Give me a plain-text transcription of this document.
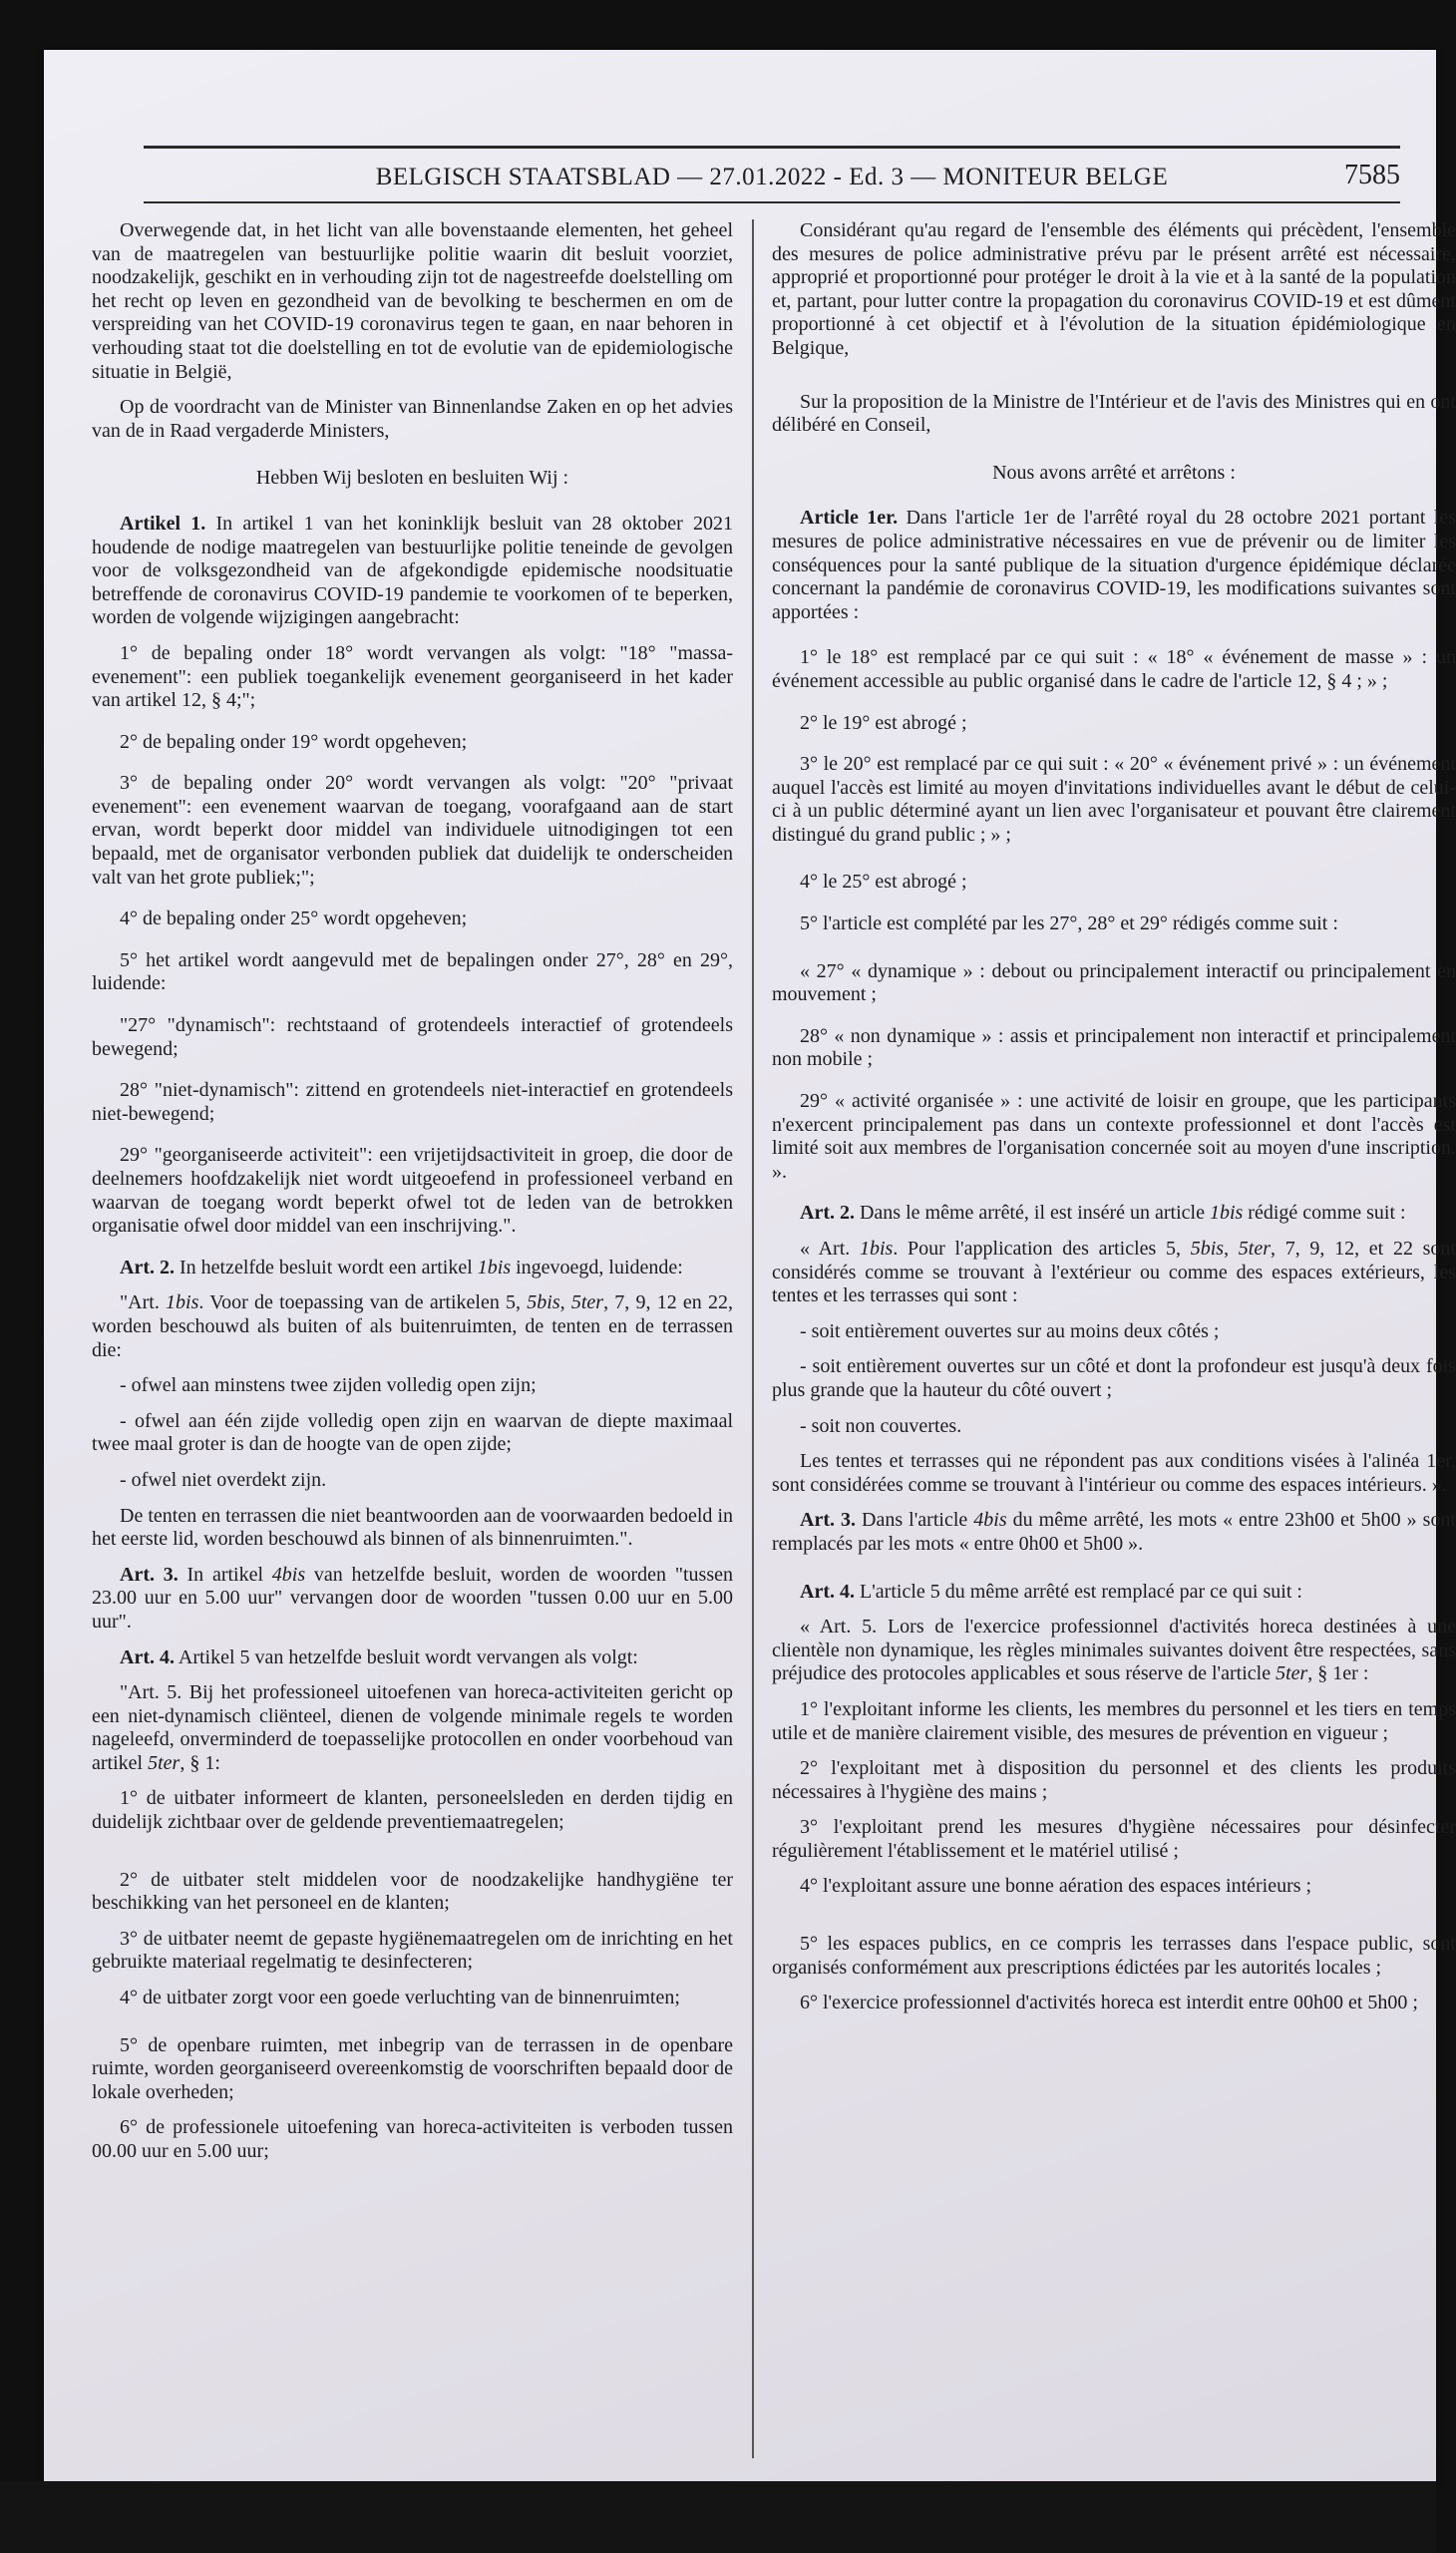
BELGISCH STAATSBLAD — 27.01.2022 - Ed. 3 — MONITEUR BELGE	7585

Overwegende dat, in het licht van alle bovenstaande elementen, het geheel van de maatregelen van bestuurlijke politie waarin dit besluit voorziet, noodzakelijk, geschikt en in verhouding zijn tot de nagestreefde doelstelling om het recht op leven en gezondheid van de bevolking te beschermen en om de verspreiding van het COVID-19 coronavirus tegen te gaan, en naar behoren in verhouding staat tot die doelstelling en tot de evolutie van de epidemiologische situatie in België,

Op de voordracht van de Minister van Binnenlandse Zaken en op het advies van de in Raad vergaderde Ministers,

Hebben Wij besloten en besluiten Wij :

Artikel 1. In artikel 1 van het koninklijk besluit van 28 oktober 2021 houdende de nodige maatregelen van bestuurlijke politie teneinde de gevolgen voor de volksgezondheid van de afgekondigde epidemische noodsituatie betreffende de coronavirus COVID-19 pandemie te voorkomen of te beperken, worden de volgende wijzigingen aangebracht:

1° de bepaling onder 18° wordt vervangen als volgt: "18° "massa-evenement": een publiek toegankelijk evenement georganiseerd in het kader van artikel 12, § 4;";

2° de bepaling onder 19° wordt opgeheven;

3° de bepaling onder 20° wordt vervangen als volgt: "20° "privaat evenement": een evenement waarvan de toegang, voorafgaand aan de start ervan, wordt beperkt door middel van individuele uitnodigingen tot een bepaald, met de organisator verbonden publiek dat duidelijk te onderscheiden valt van het grote publiek;";

4° de bepaling onder 25° wordt opgeheven;

5° het artikel wordt aangevuld met de bepalingen onder 27°, 28° en 29°, luidende:

"27° "dynamisch": rechtstaand of grotendeels interactief of grotendeels bewegend;

28° "niet-dynamisch": zittend en grotendeels niet-interactief en grotendeels niet-bewegend;

29° "georganiseerde activiteit": een vrijetijdsactiviteit in groep, die door de deelnemers hoofdzakelijk niet wordt uitgeoefend in professioneel verband en waarvan de toegang wordt beperkt ofwel tot de leden van de betrokken organisatie ofwel door middel van een inschrijving.".

Art. 2. In hetzelfde besluit wordt een artikel 1bis ingevoegd, luidende:

"Art. 1bis. Voor de toepassing van de artikelen 5, 5bis, 5ter, 7, 9, 12 en 22, worden beschouwd als buiten of als buitenruimten, de tenten en de terrassen die:

- ofwel aan minstens twee zijden volledig open zijn;

- ofwel aan één zijde volledig open zijn en waarvan de diepte maximaal twee maal groter is dan de hoogte van de open zijde;

- ofwel niet overdekt zijn.

De tenten en terrassen die niet beantwoorden aan de voorwaarden bedoeld in het eerste lid, worden beschouwd als binnen of als binnenruimten.".

Art. 3. In artikel 4bis van hetzelfde besluit, worden de woorden "tussen 23.00 uur en 5.00 uur" vervangen door de woorden "tussen 0.00 uur en 5.00 uur".

Art. 4. Artikel 5 van hetzelfde besluit wordt vervangen als volgt:

"Art. 5. Bij het professioneel uitoefenen van horeca-activiteiten gericht op een niet-dynamisch cliënteel, dienen de volgende minimale regels te worden nageleefd, onverminderd de toepasselijke protocollen en onder voorbehoud van artikel 5ter, § 1:

1° de uitbater informeert de klanten, personeelsleden en derden tijdig en duidelijk zichtbaar over de geldende preventiemaatregelen;

2° de uitbater stelt middelen voor de noodzakelijke handhygiëne ter beschikking van het personeel en de klanten;

3° de uitbater neemt de gepaste hygiënemaatregelen om de inrichting en het gebruikte materiaal regelmatig te desinfecteren;

4° de uitbater zorgt voor een goede verluchting van de binnenruimten;

5° de openbare ruimten, met inbegrip van de terrassen in de openbare ruimte, worden georganiseerd overeenkomstig de voorschriften bepaald door de lokale overheden;

6° de professionele uitoefening van horeca-activiteiten is verboden tussen 00.00 uur en 5.00 uur;

Considérant qu'au regard de l'ensemble des éléments qui précèdent, l'ensemble des mesures de police administrative prévu par le présent arrêté est nécessaire, approprié et proportionné pour protéger le droit à la vie et à la santé de la population et, partant, pour lutter contre la propagation du coronavirus COVID-19 et est dûment proportionné à cet objectif et à l'évolution de la situation épidémiologique en Belgique,

Sur la proposition de la Ministre de l'Intérieur et de l'avis des Ministres qui en ont délibéré en Conseil,

Nous avons arrêté et arrêtons :

Article 1er. Dans l'article 1er de l'arrêté royal du 28 octobre 2021 portant les mesures de police administrative nécessaires en vue de prévenir ou de limiter les conséquences pour la santé publique de la situation d'urgence épidémique déclarée concernant la pandémie de coronavirus COVID-19, les modifications suivantes sont apportées :

1° le 18° est remplacé par ce qui suit : « 18° « événement de masse » : un événement accessible au public organisé dans le cadre de l'article 12, § 4 ; » ;

2° le 19° est abrogé ;

3° le 20° est remplacé par ce qui suit : « 20° « événement privé » : un événement auquel l'accès est limité au moyen d'invitations individuelles avant le début de celui-ci à un public déterminé ayant un lien avec l'organisateur et pouvant être clairement distingué du grand public ; » ;

4° le 25° est abrogé ;

5° l'article est complété par les 27°, 28° et 29° rédigés comme suit :

« 27° « dynamique » : debout ou principalement interactif ou principalement en mouvement ;

28° « non dynamique » : assis et principalement non interactif et principalement non mobile ;

29° « activité organisée » : une activité de loisir en groupe, que les participants n'exercent principalement pas dans un contexte professionnel et dont l'accès est limité soit aux membres de l'organisation concernée soit au moyen d'une inscription. ».

Art. 2. Dans le même arrêté, il est inséré un article 1bis rédigé comme suit :

« Art. 1bis. Pour l'application des articles 5, 5bis, 5ter, 7, 9, 12, et 22 sont considérés comme se trouvant à l'extérieur ou comme des espaces extérieurs, les tentes et les terrasses qui sont :

- soit entièrement ouvertes sur au moins deux côtés ;

- soit entièrement ouvertes sur un côté et dont la profondeur est jusqu'à deux fois plus grande que la hauteur du côté ouvert ;

- soit non couvertes.

Les tentes et terrasses qui ne répondent pas aux conditions visées à l'alinéa 1er, sont considérées comme se trouvant à l'intérieur ou comme des espaces intérieurs. ».

Art. 3. Dans l'article 4bis du même arrêté, les mots « entre 23h00 et 5h00 » sont remplacés par les mots « entre 0h00 et 5h00 ».

Art. 4. L'article 5 du même arrêté est remplacé par ce qui suit :

« Art. 5. Lors de l'exercice professionnel d'activités horeca destinées à une clientèle non dynamique, les règles minimales suivantes doivent être respectées, sans préjudice des protocoles applicables et sous réserve de l'article 5ter, § 1er :

1° l'exploitant informe les clients, les membres du personnel et les tiers en temps utile et de manière clairement visible, des mesures de prévention en vigueur ;

2° l'exploitant met à disposition du personnel et des clients les produits nécessaires à l'hygiène des mains ;

3° l'exploitant prend les mesures d'hygiène nécessaires pour désinfecter régulièrement l'établissement et le matériel utilisé ;

4° l'exploitant assure une bonne aération des espaces intérieurs ;

5° les espaces publics, en ce compris les terrasses dans l'espace public, sont organisés conformément aux prescriptions édictées par les autorités locales ;

6° l'exercice professionnel d'activités horeca est interdit entre 00h00 et 5h00 ;
